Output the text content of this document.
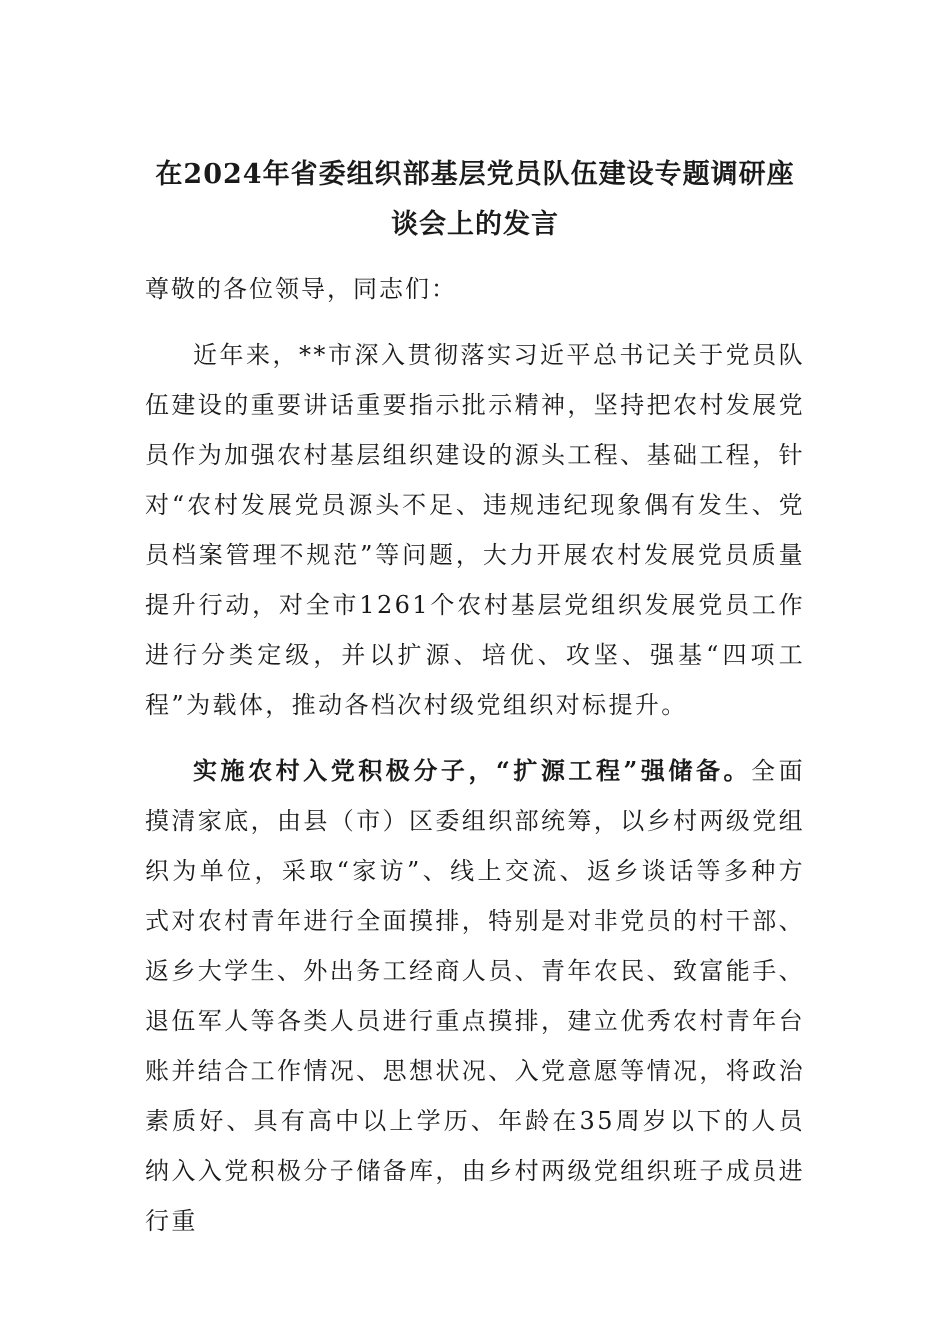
在2024年省委组织部基层党员队伍建设专题调研座谈会上的发言

尊敬的各位领导，同志们：

近年来，**市深入贯彻落实习近平总书记关于党员队伍建设的重要讲话重要指示批示精神，坚持把农村发展党员作为加强农村基层组织建设的源头工程、基础工程，针对“农村发展党员源头不足、违规违纪现象偶有发生、党员档案管理不规范”等问题，大力开展农村发展党员质量提升行动，对全市1261个农村基层党组织发展党员工作进行分类定级，并以扩源、培优、攻坚、强基“四项工程”为载体，推动各档次村级党组织对标提升。

实施农村入党积极分子，“扩源工程”强储备。全面摸清家底，由县（市）区委组织部统筹，以乡村两级党组织为单位，采取“家访”、线上交流、返乡谈话等多种方式对农村青年进行全面摸排，特别是对非党员的村干部、返乡大学生、外出务工经商人员、青年农民、致富能手、退伍军人等各类人员进行重点摸排，建立优秀农村青年台账并结合工作情况、思想状况、入党意愿等情况，将政治素质好、具有高中以上学历、年龄在35周岁以下的人员纳入入党积极分子储备库，由乡村两级党组织班子成员进行重
